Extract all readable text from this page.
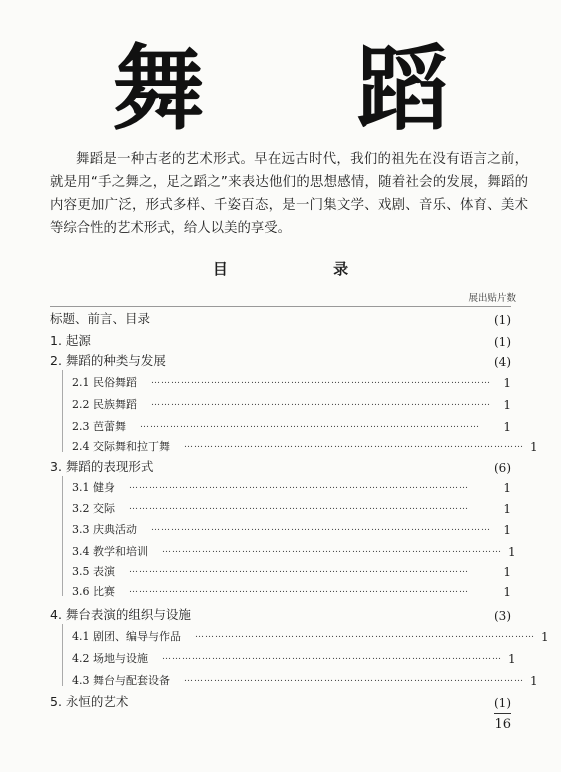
舞 蹈

舞蹈是一种古老的艺术形式。早在远古时代，我们的祖先在没有语言之前，就是用“手之舞之，足之蹈之”来表达他们的思想感情，随着社会的发展，舞蹈的内容更加广泛，形式多样、千姿百态，是一门集文学、戏剧、音乐、体育、美术等综合性的艺术形式，给人以美的享受。

目 录
展出贴片数
标题、前言、目录	(1)
1. 起源	(1)
2. 舞蹈的种类与发展	(4)
2.1 民俗舞蹈 …………………………………………………………………………………………	1
2.2 民族舞蹈 …………………………………………………………………………………………	1
2.3 芭蕾舞 …………………………………………………………………………………………	1
2.4 交际舞和拉丁舞 ………………………………………………………………………………………… 1
3. 舞蹈的表现形式	(6)
3.1 健身 …………………………………………………………………………………………	1
3.2 交际 …………………………………………………………………………………………	1
3.3 庆典活动 …………………………………………………………………………………………	1
3.4 教学和培训 ………………………………………………………………………………………… 1
3.5 表演 …………………………………………………………………………………………	1
3.6 比赛 …………………………………………………………………………………………	1
4. 舞台表演的组织与设施	(3)
4.1 剧团、编导与作品 ………………………………………………………………………………………… 1
4.2 场地与设施 ………………………………………………………………………………………… 1
4.3 舞台与配套设备 ………………………………………………………………………………………… 1
5. 永恒的艺术	(1)
16
